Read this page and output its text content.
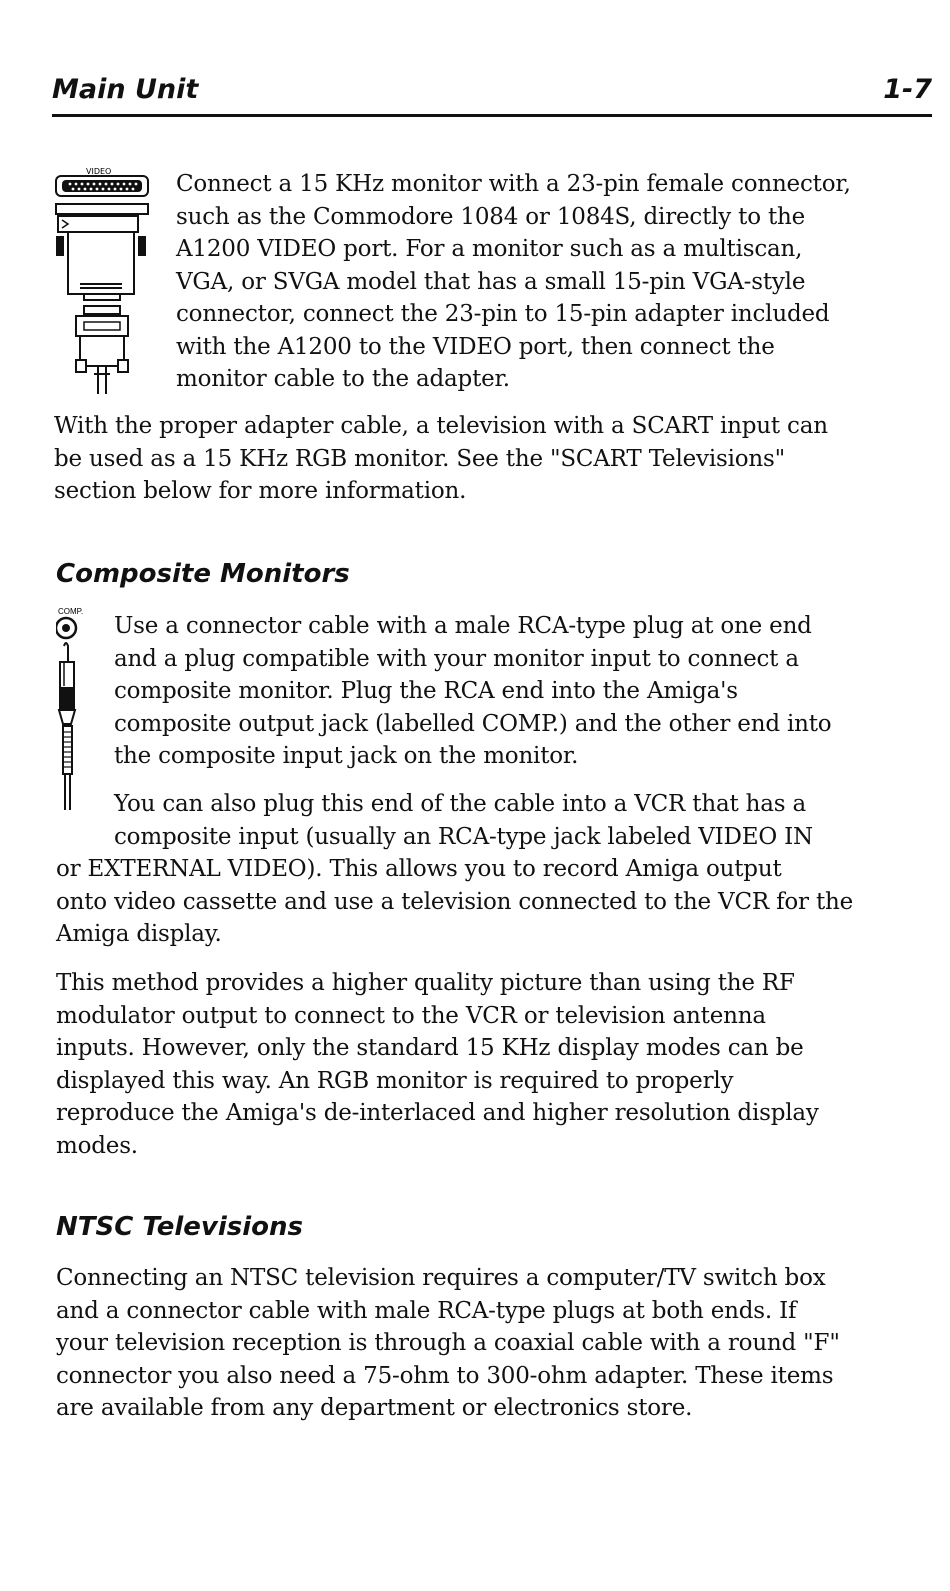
Main Unit	1-7
VIDEO	Connect a 15 KHz monitor with a 23-pin female connector,
such as the Commodore 1084 or 1084S, directly to the
A1200 VIDEO port. For a monitor such as a multiscan,
VGA, or SVGA model that has a small 15-pin VGA-style
connector, connect the 23-pin to 15-pin adapter included
with the A1200 to the VIDEO port, then connect the
monitor cable to the adapter.

With the proper adapter cable, a television with a SCART input can
be used as a 15 KHz RGB monitor. See the "SCART Televisions"
section below for more information.

Composite Monitors
COMP.

Use a connector cable with a male RCA-type plug at one end
and a plug compatible with your monitor input to connect a
composite monitor. Plug the RCA end into the Amiga's
composite output jack (labelled COMP.) and the other end into
the composite input jack on the monitor.

You can also plug this end of the cable into a VCR that has a
composite input (usually an RCA-type jack labeled VIDEO IN
or EXTERNAL VIDEO). This allows you to record Amiga output
onto video cassette and use a television connected to the VCR for the
Amiga display.

This method provides a higher quality picture than using the RF
modulator output to connect to the VCR or television antenna
inputs. However, only the standard 15 KHz display modes can be
displayed this way. An RGB monitor is required to properly
reproduce the Amiga's de-interlaced and higher resolution display
modes.

NTSC Televisions

Connecting an NTSC television requires a computer/TV switch box
and a connector cable with male RCA-type plugs at both ends. If
your television reception is through a coaxial cable with a round "F"
connector you also need a 75-ohm to 300-ohm adapter. These items
are available from any department or electronics store.
